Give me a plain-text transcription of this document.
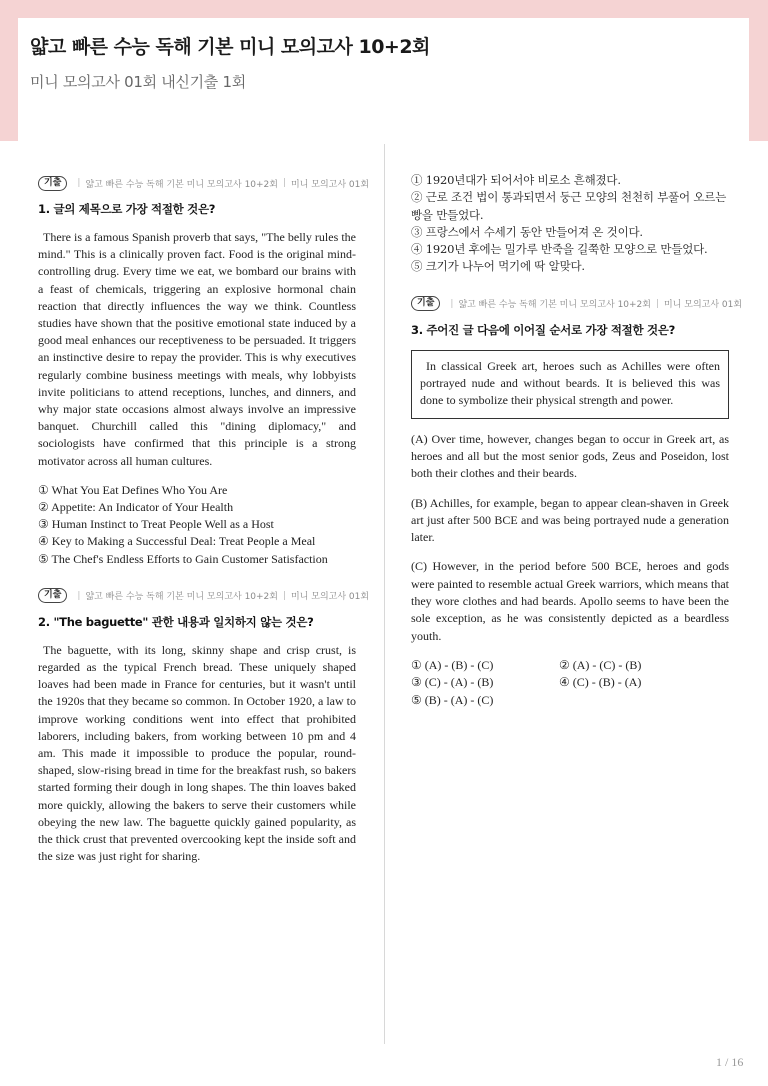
얇고 빠른 수능 독해 기본 미니 모의고사 10+2회
미니 모의고사 01회 내신기출 1회
기출	| 얇고 빠른 수능 독해 기본 미니 모의고사 10+2회 | 미니 모의고사 01회
1. 글의 제목으로 가장 적절한 것은?
There is a famous Spanish proverb that says, "The belly rules the mind." This is a clinically proven fact. Food is the original mind-controlling drug. Every time we eat, we bombard our brains with a feast of chemicals, triggering an explosive hormonal chain reaction that directly influences the way we think. Countless studies have shown that the positive emotional state induced by a good meal enhances our receptiveness to be persuaded. It triggers an instinctive desire to repay the provider. This is why executives regularly combine business meetings with meals, why lobbyists invite politicians to attend receptions, lunches, and dinners, and why major state occasions almost always involve an impressive banquet. Churchill called this "dining diplomacy," and sociologists have confirmed that this principle is a strong motivator across all human cultures.
① What You Eat Defines Who You Are
② Appetite: An Indicator of Your Health
③ Human Instinct to Treat People Well as a Host
④ Key to Making a Successful Deal: Treat People a Meal
⑤ The Chef's Endless Efforts to Gain Customer Satisfaction
기출	| 얇고 빠른 수능 독해 기본 미니 모의고사 10+2회 | 미니 모의고사 01회
2. "The baguette" 관한 내용과 일치하지 않는 것은?
The baguette, with its long, skinny shape and crisp crust, is regarded as the typical French bread. These uniquely shaped loaves had been made in France for centuries, but it wasn't until the 1920s that they became so common. In October 1920, a law to improve working conditions went into effect that prohibited laborers, including bakers, from working between 10 pm and 4 am. This made it impossible to produce the popular, round-shaped, slow-rising bread in time for the breakfast rush, so bakers started forming their dough in long shapes. The thin loaves baked more quickly, allowing the bakers to serve their customers while obeying the new law. The baguette quickly gained popularity, as the thick crust that prevented overcooking kept the inside soft and the size was just right for sharing.
① 1920년대가 되어서야 비로소 흔해졌다.
② 근로 조건 법이 통과되면서 둥근 모양의 천천히 부풀어 오르는 빵을 만들었다.
③ 프랑스에서 수세기 동안 만들어져 온 것이다.
④ 1920년 후에는 밀가루 반죽을 길쭉한 모양으로 만들었다.
⑤ 크기가 나누어 먹기에 딱 알맞다.
기출	| 얇고 빠른 수능 독해 기본 미니 모의고사 10+2회 | 미니 모의고사 01회
3. 주어진 글 다음에 이어질 순서로 가장 적절한 것은?
In classical Greek art, heroes such as Achilles were often portrayed nude and without beards. It is believed this was done to symbolize their physical strength and power.
(A) Over time, however, changes began to occur in Greek art, as heroes and all but the most senior gods, Zeus and Poseidon, lost both their clothes and their beards.
(B) Achilles, for example, began to appear clean-shaven in Greek art just after 500 BCE and was being portrayed nude a generation later.
(C) However, in the period before 500 BCE, heroes and gods were painted to resemble actual Greek warriors, which means that they wore clothes and had beards. Apollo seems to have been the sole exception, as he was consistently depicted as a beardless youth.
① (A) - (B) - (C)	② (A) - (C) - (B)
③ (C) - (A) - (B)	④ (C) - (B) - (A)
⑤ (B) - (A) - (C)
1 / 16
